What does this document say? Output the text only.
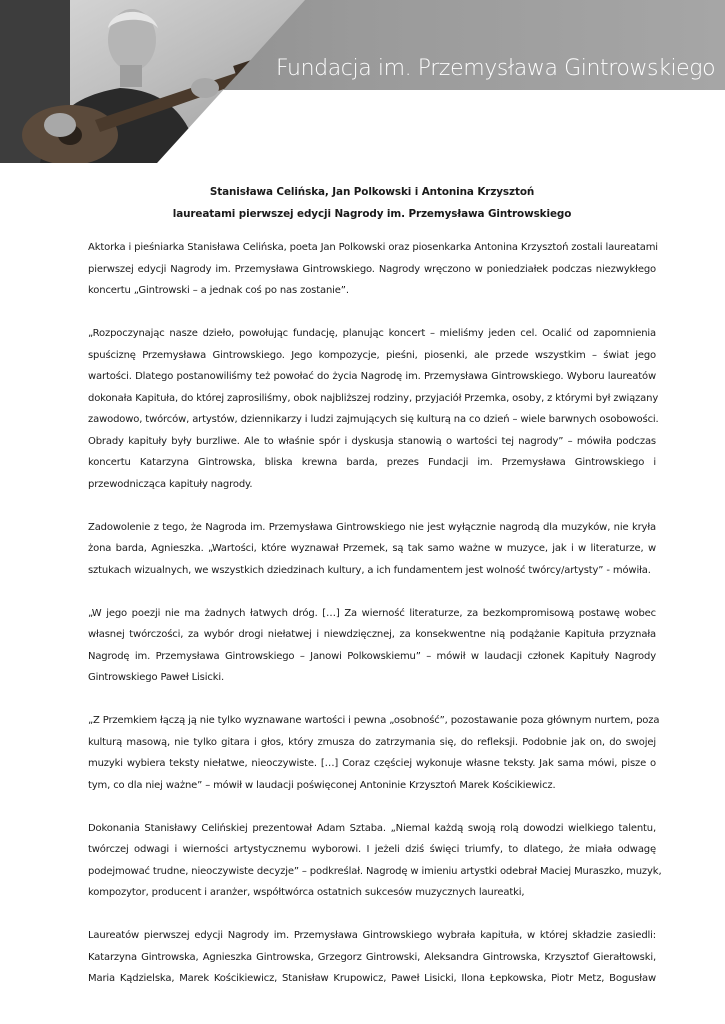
Fundacja im. Przemysława Gintrowskiego
Stanisława Celińska, Jan Polkowski i Antonina Krzysztoń
laureatami pierwszej edycji Nagrody im. Przemysława Gintrowskiego
Aktorka i pieśniarka Stanisława Celińska, poeta Jan Polkowski oraz piosenkarka Antonina Krzysztoń zostali laureatami
pierwszej edycji Nagrody im. Przemysława Gintrowskiego. Nagrody wręczono w poniedziałek podczas niezwykłego
koncertu „Gintrowski – a jednak coś po nas zostanie”.
„Rozpoczynając nasze dzieło, powołując fundację, planując koncert – mieliśmy jeden cel. Ocalić od zapomnienia
spuściznę Przemysława Gintrowskiego. Jego kompozycje, pieśni, piosenki, ale przede wszystkim – świat jego
wartości. Dlatego postanowiliśmy też powołać do życia Nagrodę im. Przemysława Gintrowskiego. Wyboru laureatów
dokonała Kapituła, do której zaprosiliśmy, obok najbliższej rodziny, przyjaciół Przemka, osoby, z którymi był związany
zawodowo, twórców, artystów, dziennikarzy i ludzi zajmujących się kulturą na co dzień – wiele barwnych osobowości.
Obrady kapituły były burzliwe. Ale to właśnie spór i dyskusja stanowią o wartości tej nagrody” – mówiła podczas
koncertu Katarzyna Gintrowska, bliska krewna barda, prezes Fundacji im. Przemysława Gintrowskiego i
przewodnicząca kapituły nagrody.
Zadowolenie z tego, że Nagroda im. Przemysława Gintrowskiego nie jest wyłącznie nagrodą dla muzyków, nie kryła
żona barda, Agnieszka. „Wartości, które wyznawał Przemek, są tak samo ważne w muzyce, jak i w literaturze, w
sztukach wizualnych, we wszystkich dziedzinach kultury, a ich fundamentem jest wolność twórcy/artysty” - mówiła.
„W jego poezji nie ma żadnych łatwych dróg. […] Za wierność literaturze, za bezkompromisową postawę wobec
własnej twórczości, za wybór drogi niełatwej i niewdzięcznej, za konsekwentne nią podążanie Kapituła przyznała
Nagrodę im. Przemysława Gintrowskiego – Janowi Polkowskiemu” – mówił w laudacji członek Kapituły Nagrody
Gintrowskiego Paweł Lisicki.
„Z Przemkiem łączą ją nie tylko wyznawane wartości i pewna „osobność”, pozostawanie poza głównym nurtem, poza
kulturą masową, nie tylko gitara i głos, który zmusza do zatrzymania się, do refleksji. Podobnie jak on, do swojej
muzyki wybiera teksty niełatwe, nieoczywiste. […] Coraz częściej wykonuje własne teksty. Jak sama mówi, pisze o
tym, co dla niej ważne” – mówił w laudacji poświęconej Antoninie Krzysztoń Marek Kościkiewicz.
Dokonania Stanisławy Celińskiej prezentował Adam Sztaba. „Niemal każdą swoją rolą dowodzi wielkiego talentu,
twórczej odwagi i wierności artystycznemu wyborowi. I jeżeli dziś święci triumfy, to dlatego, że miała odwagę
podejmować trudne, nieoczywiste decyzje” – podkreślał. Nagrodę w imieniu artystki odebrał Maciej Muraszko, muzyk,
kompozytor, producent i aranżer, współtwórca ostatnich sukcesów muzycznych laureatki,
Laureatów pierwszej edycji Nagrody im. Przemysława Gintrowskiego wybrała kapituła, w której składzie zasiedli:
Katarzyna Gintrowska, Agnieszka Gintrowska, Grzegorz Gintrowski, Aleksandra Gintrowska, Krzysztof Gierałtowski,
Maria Kądzielska, Marek Kościkiewicz, Stanisław Krupowicz, Paweł Lisicki, Ilona Łepkowska, Piotr Metz, Bogusław
